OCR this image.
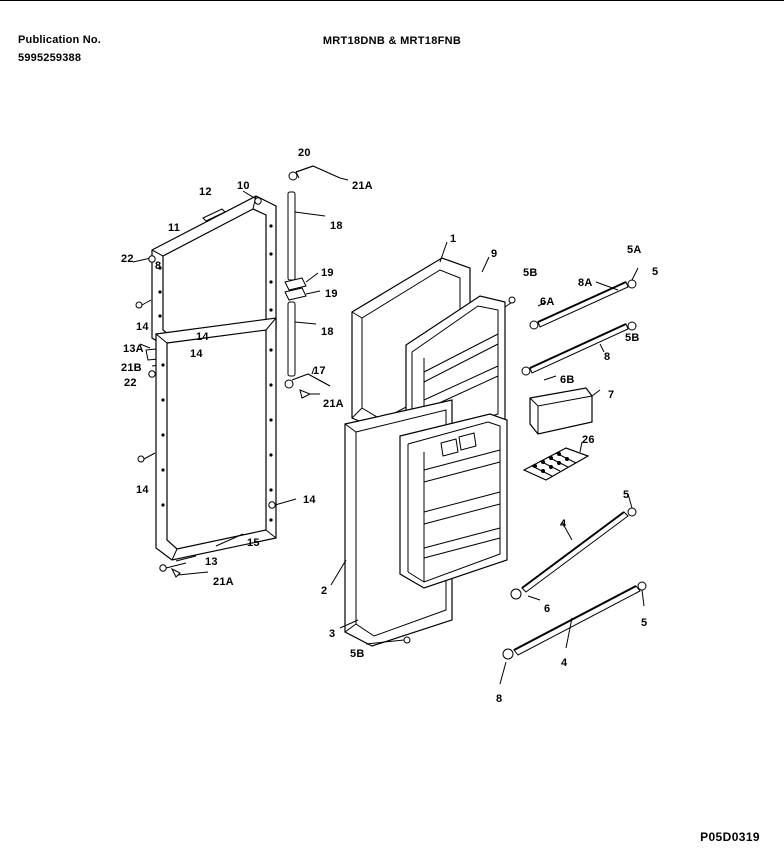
Publication No.
5995259388
MRT18DNB & MRT18FNB
20
21A
12 10
11	18
22
8
1
9
5B
5A
5
8A
6A
19
19
5B
8
14	18
14
13A	14
21B
22
17
6B
21A
7
26
14	5
14
4
15
13
2
21A
6
5
3
5B
4
8
P05D0319
